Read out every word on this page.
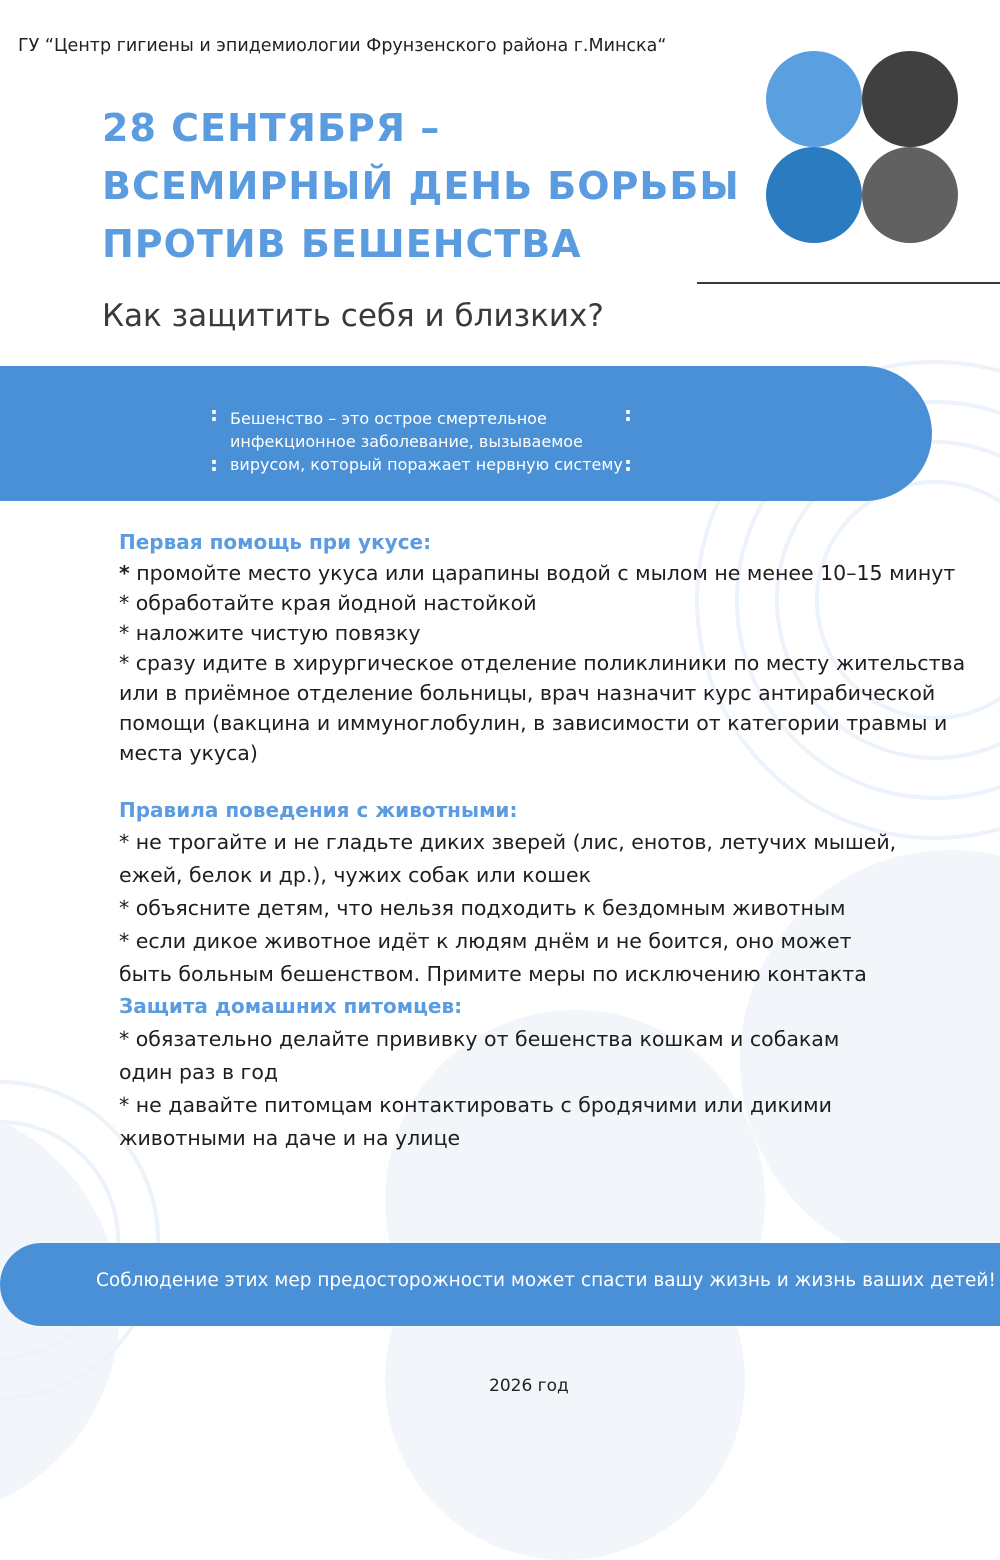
ГУ “Центр гигиены и эпидемиологии Фрунзенского района г.Минска“
28 СЕНТЯБРЯ –
ВСЕМИРНЫЙ ДЕНЬ БОРЬБЫ
ПРОТИВ БЕШЕНСТВА
Как защитить себя и близких?
:
:
:
:
Бешенство – это острое смертельное
инфекционное заболевание, вызываемое
вирусом, который поражает нервную систему
Первая помощь при укусе:
* промойте место укуса или царапины водой с мылом не менее 10–15 минут
* обработайте края йодной настойкой
* наложите чистую повязку
* сразу идите в хирургическое отделение поликлиники по месту жительства
или в приёмное отделение больницы, врач назначит курс антирабической
помощи (вакцина и иммуноглобулин, в зависимости от категории травмы и
места укуса)
Правила поведения с животными:
* не трогайте и не гладьте диких зверей (лис, енотов, летучих мышей,
ежей, белок и др.), чужих собак или кошек
* объясните детям, что нельзя подходить к бездомным животным
* если дикое животное идёт к людям днём и не боится, оно может
быть больным бешенством. Примите меры по исключению контакта
Защита домашних питомцев:
* обязательно делайте прививку от бешенства кошкам и собакам
один раз в год
* не давайте питомцам контактировать с бродячими или дикими
животными на даче и на улице
Соблюдение этих мер предосторожности может спасти вашу жизнь и жизнь ваших детей!
2026 год
